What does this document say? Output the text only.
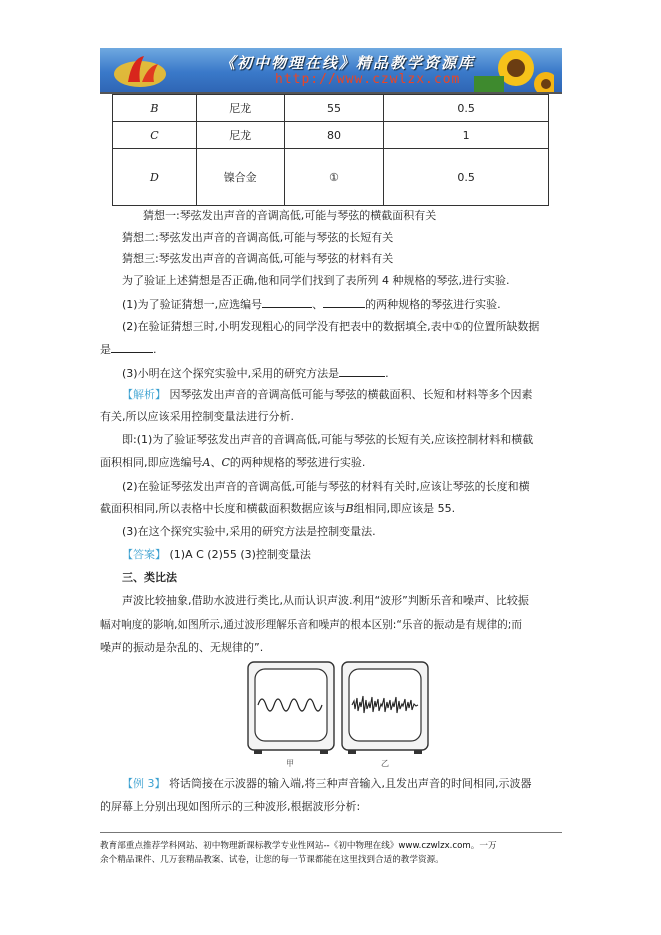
《初中物理在线》精品教学资源库
http://www.czwlzx.com
B	尼龙	55	0.5
C	尼龙	80	1
D	镍合金	①	0.5
猜想一:琴弦发出声音的音调高低,可能与琴弦的横截面积有关
猜想二:琴弦发出声音的音调高低,可能与琴弦的长短有关
猜想三:琴弦发出声音的音调高低,可能与琴弦的材料有关
为了验证上述猜想是否正确,他和同学们找到了表所列 4 种规格的琴弦,进行实验.
(1)为了验证猜想一,应选编号	、	的两种规格的琴弦进行实验.
(2)在验证猜想三时,小明发现粗心的同学没有把表中的数据填全,表中①的位置所缺数据
是	.
(3)小明在这个探究实验中,采用的研究方法是	.
【解析】 因琴弦发出声音的音调高低可能与琴弦的横截面积、长短和材料等多个因素
有关,所以应该采用控制变量法进行分析.
即:(1)为了验证琴弦发出声音的音调高低,可能与琴弦的长短有关,应该控制材料和横截
面积相同,即应选编号A、C的两种规格的琴弦进行实验.
(2)在验证琴弦发出声音的音调高低,可能与琴弦的材料有关时,应该让琴弦的长度和横
截面积相同,所以表格中长度和横截面积数据应该与B组相同,即应该是 55.
(3)在这个探究实验中,采用的研究方法是控制变量法.
【答案】 (1)A C (2)55 (3)控制变量法
三、类比法
声波比较抽象,借助水波进行类比,从而认识声波.利用“波形”判断乐音和噪声、比较振
幅对响度的影响,如图所示,通过波形理解乐音和噪声的根本区别:“乐音的振动是有规律的;而
噪声的振动是杂乱的、无规律的”.
甲	乙
【例 3】 将话筒接在示波器的输入端,将三种声音输入,且发出声音的时间相同,示波器
的屏幕上分别出现如图所示的三种波形,根据波形分析:
教育部重点推荐学科网站、初中物理新课标教学专业性网站--《初中物理在线》www.czwlzx.com。一万
余个精品课件、几万套精品教案、试卷，让您的每一节课都能在这里找到合适的教学资源。
